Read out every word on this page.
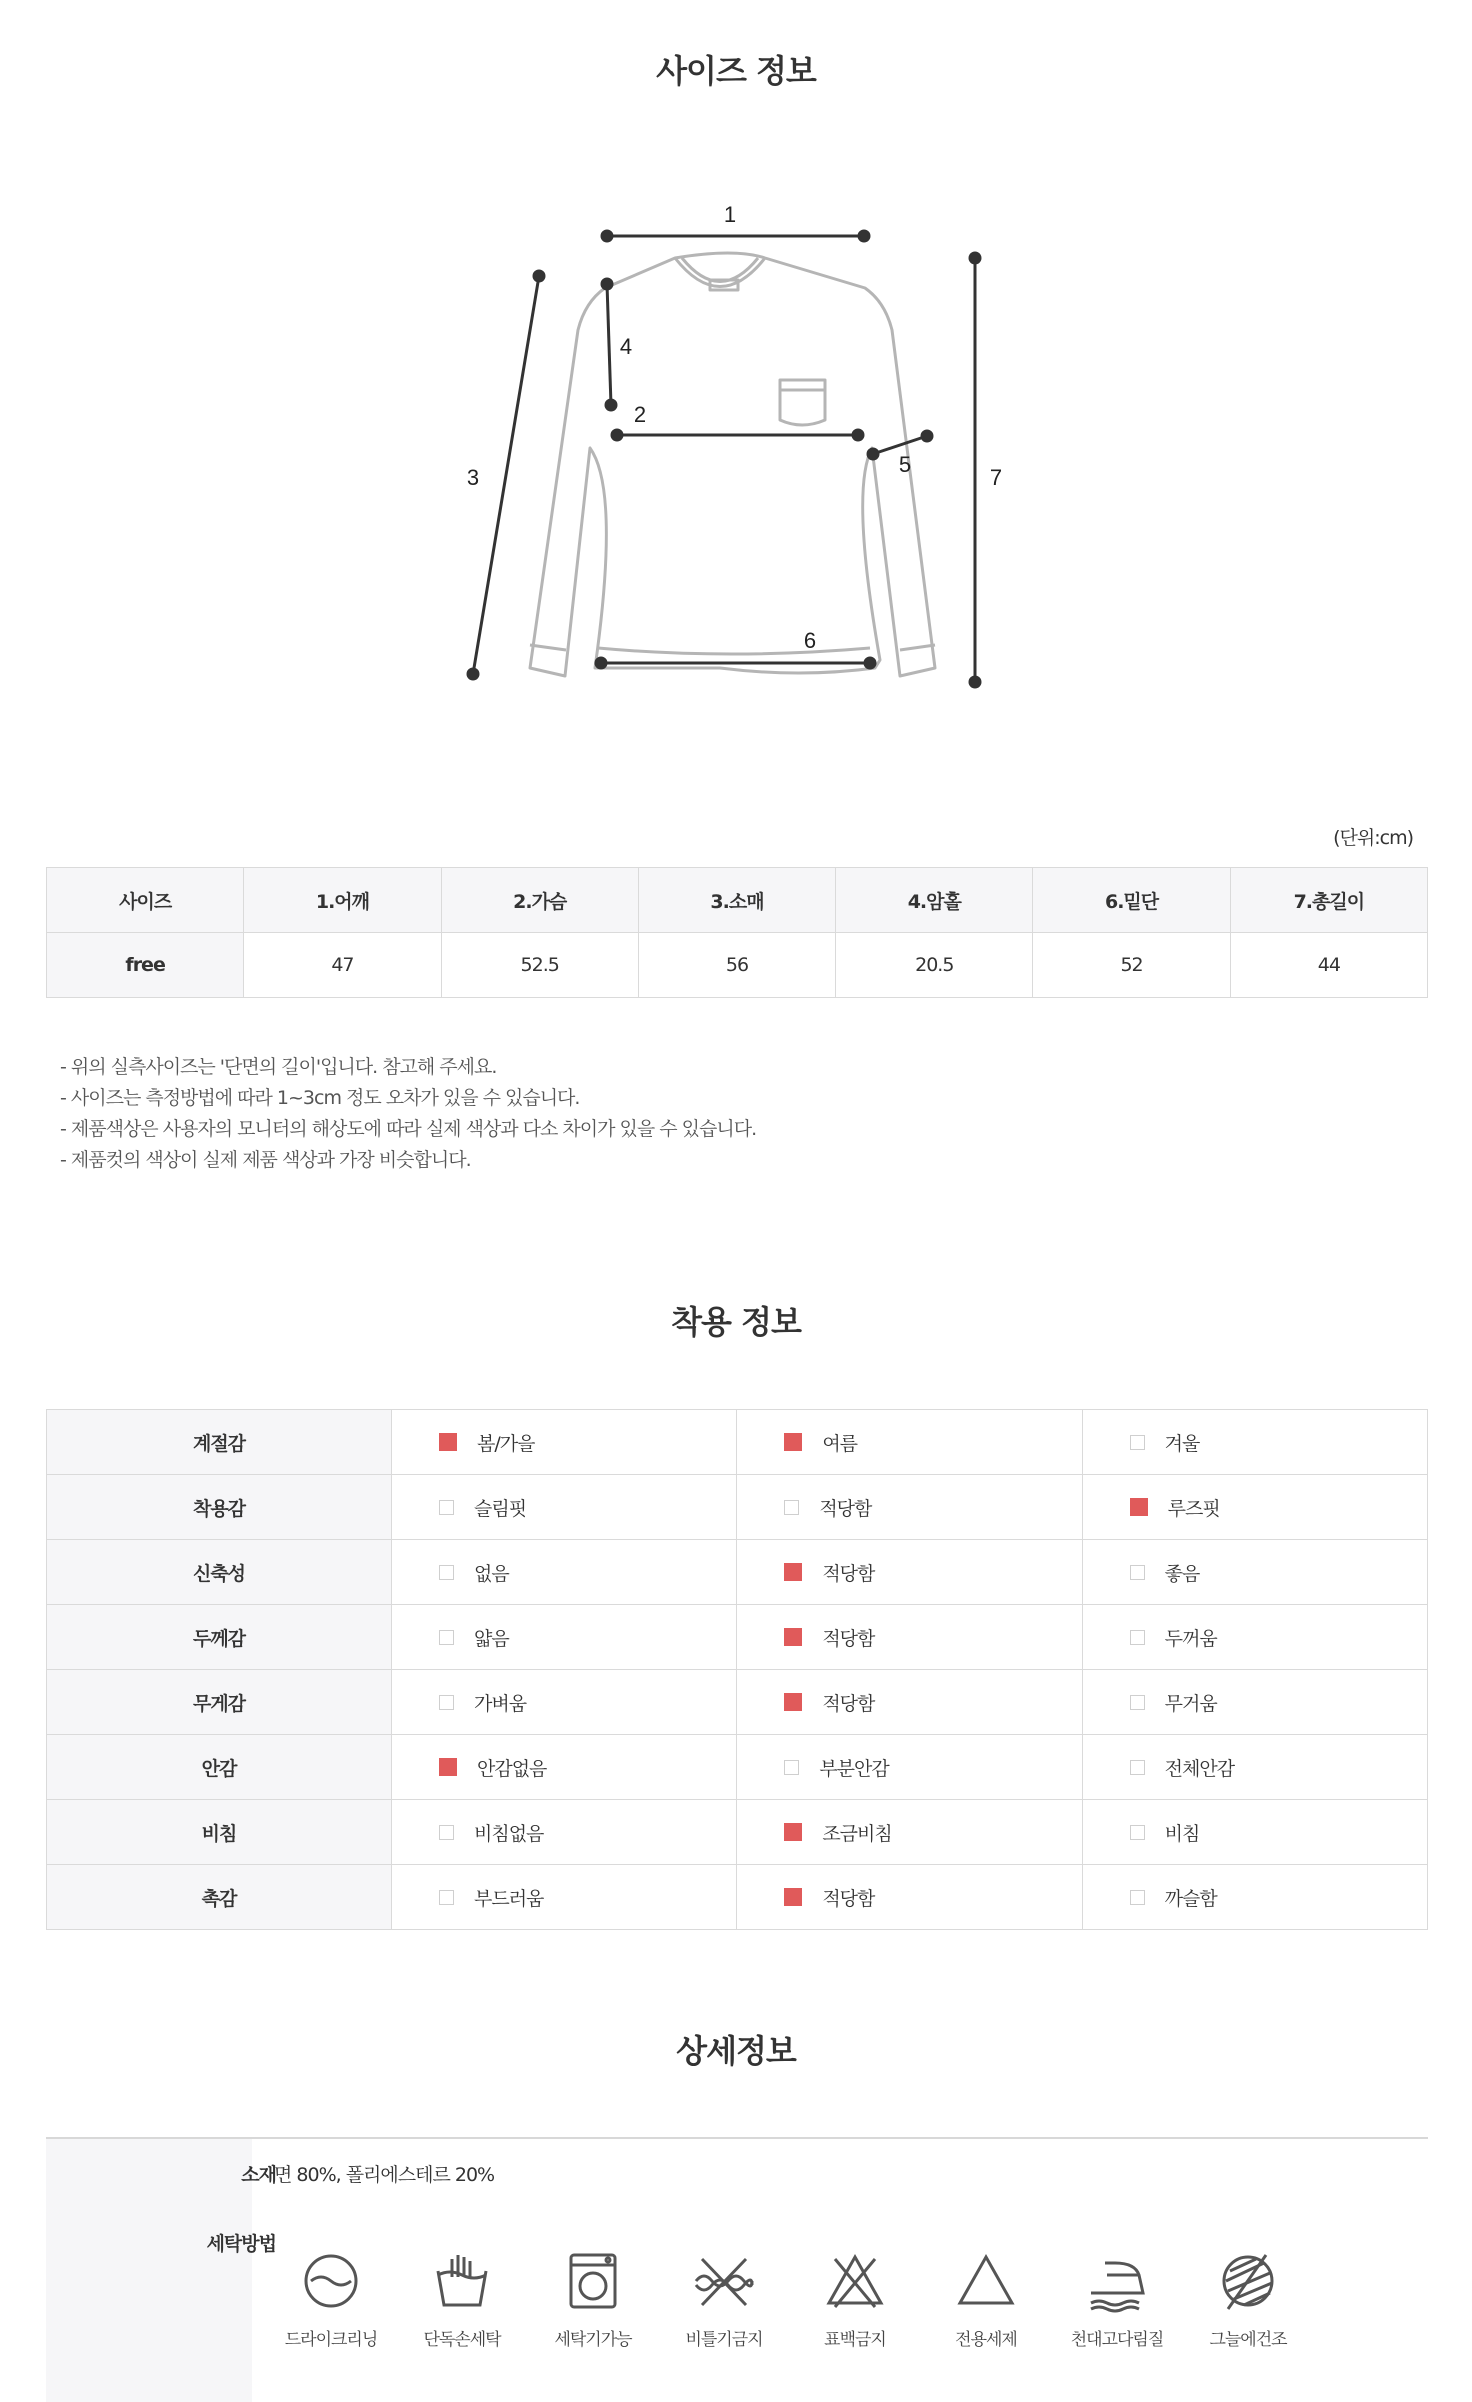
사이즈 정보
1
2
3
4
5
6
7
(단위:cm)
사이즈	1.어깨	2.가슴	3.소매	4.암홀	6.밑단	7.총길이
free	47	52.5	56	20.5	52	44
- 위의 실측사이즈는 '단면의 길이'입니다. 참고해 주세요.
- 사이즈는 측정방법에 따라 1~3cm 정도 오차가 있을 수 있습니다.
- 제품색상은 사용자의 모니터의 해상도에 따라 실제 색상과 다소 차이가 있을 수 있습니다.
- 제품컷의 색상이 실제 제품 색상과 가장 비슷합니다.
착용 정보
계절감	봄/가을	여름	겨울
착용감	슬림핏	적당함	루즈핏
신축성	없음	적당함	좋음
두께감	얇음	적당함	두꺼움
무게감	가벼움	적당함	무거움
안감	안감없음	부분안감	전체안감
비침	비침없음	조금비침	비침
촉감	부드러움	적당함	까슬함
상세정보
소재
면 80%, 폴리에스테르 20%
세탁방법
드라이크리닝	단독손세탁	세탁기가능	비틀기금지	표백금지	전용세제	천대고다림질	그늘에건조
